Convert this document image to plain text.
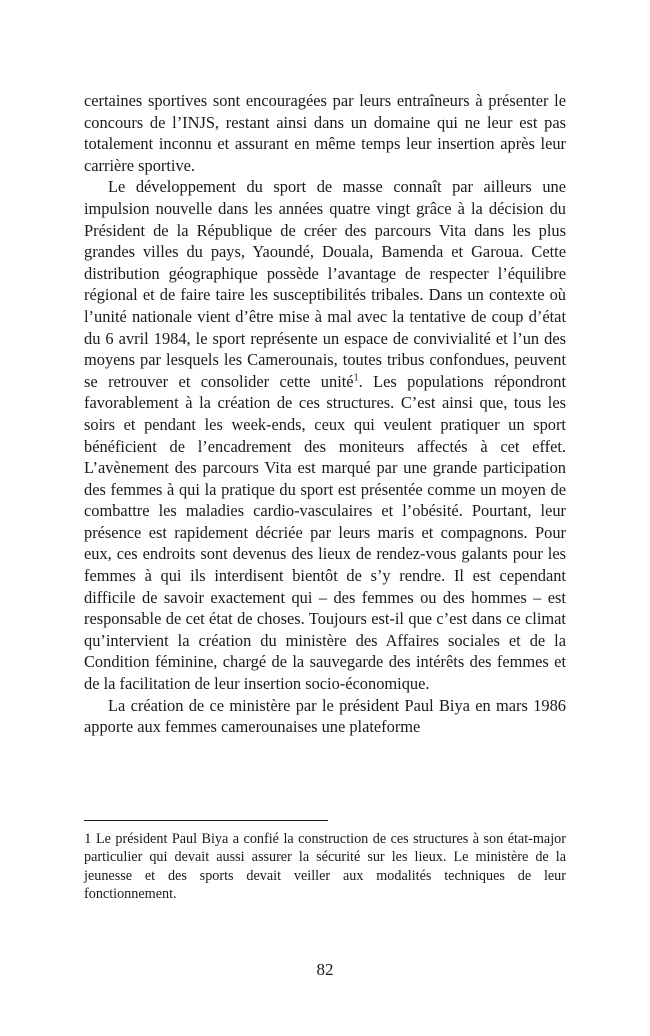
certaines sportives sont encouragées par leurs entraîneurs à présenter le concours de l’INJS, restant ainsi dans un domaine qui ne leur est pas totalement inconnu et assurant en même temps leur insertion après leur carrière sportive.

Le développement du sport de masse connaît par ailleurs une impulsion nouvelle dans les années quatre vingt grâce à la décision du Président de la République de créer des parcours Vita dans les plus grandes villes du pays, Yaoundé, Douala, Bamenda et Garoua. Cette distribution géographique possède l’avantage de respecter l’équilibre régional et de faire taire les susceptibilités tribales. Dans un contexte où l’unité nationale vient d’être mise à mal avec la tentative de coup d’état du 6 avril 1984, le sport représente un espace de convivialité et l’un des moyens par lesquels les Camerounais, toutes tribus confondues, peuvent se retrouver et consolider cette unité$^1$. Les populations répondront favorablement à la création de ces structures. C’est ainsi que, tous les soirs et pendant les week-ends, ceux qui veulent pratiquer un sport bénéficient de l’encadrement des moniteurs affectés à cet effet. L’avènement des parcours Vita est marqué par une grande participation des femmes à qui la pratique du sport est présentée comme un moyen de combattre les maladies cardio-vasculaires et l’obésité. Pourtant, leur présence est rapidement décriée par leurs maris et compagnons. Pour eux, ces endroits sont devenus des lieux de rendez-vous galants pour les femmes à qui ils interdisent bientôt de s’y rendre. Il est cependant difficile de savoir exactement qui – des femmes ou des hommes – est responsable de cet état de choses. Toujours est-il que c’est dans ce climat qu’intervient la création du ministère des Affaires sociales et de la Condition féminine, chargé de la sauvegarde des intérêts des femmes et de la facilitation de leur insertion socio-économique.

La création de ce ministère par le président Paul Biya en mars 1986 apporte aux femmes camerounaises une plateforme

1 Le président Paul Biya a confié la construction de ces structures à son état-major particulier qui devait aussi assurer la sécurité sur les lieux. Le ministère de la jeunesse et des sports devait veiller aux modalités techniques de leur fonctionnement.

82
